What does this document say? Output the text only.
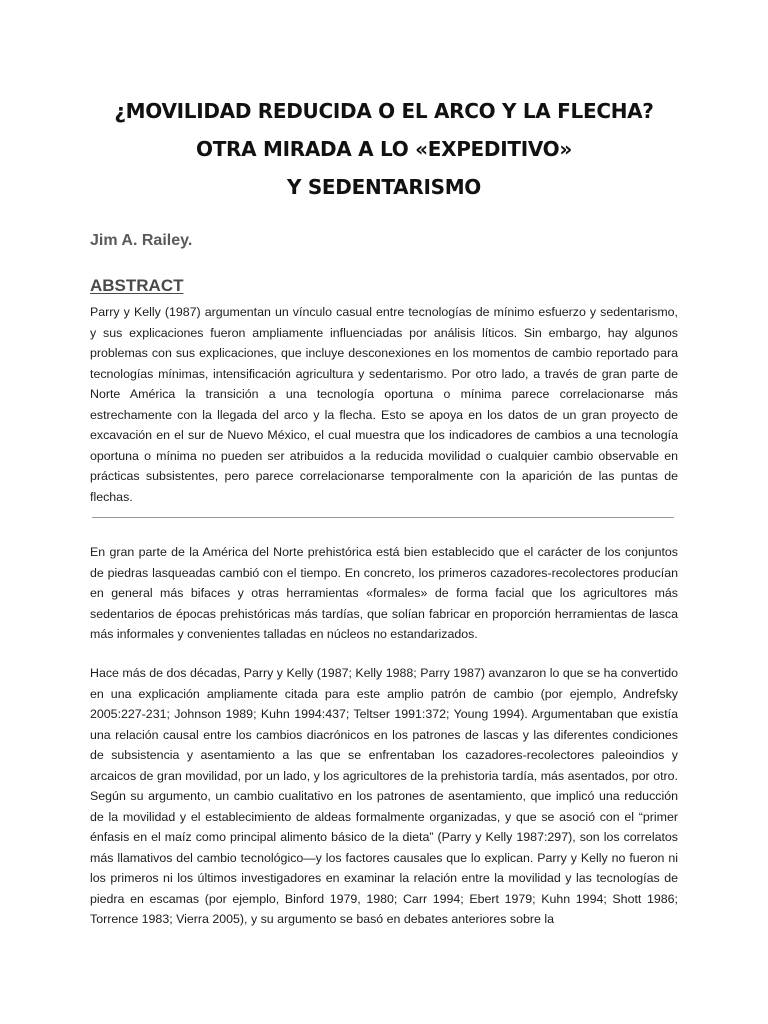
¿MOVILIDAD REDUCIDA O EL ARCO Y LA FLECHA?
OTRA MIRADA A LO «EXPEDITIVO»
Y SEDENTARISMO
Jim A. Railey.
ABSTRACT

Parry y Kelly (1987) argumentan un vínculo casual entre tecnologías de mínimo esfuerzo y sedentarismo, y sus explicaciones fueron ampliamente influenciadas por análisis líticos. Sin embargo, hay algunos problemas con sus explicaciones, que incluye desconexiones en los momentos de cambio reportado para tecnologías mínimas, intensificación agricultura y sedentarismo. Por otro lado, a través de gran parte de Norte América la transición a una tecnología oportuna o mínima parece correlacionarse más estrechamente con la llegada del arco y la flecha. Esto se apoya en los datos de un gran proyecto de excavación en el sur de Nuevo México, el cual muestra que los indicadores de cambios a una tecnología oportuna o mínima no pueden ser atribuidos a la reducida movilidad o cualquier cambio observable en prácticas subsistentes, pero parece correlacionarse temporalmente con la aparición de las puntas de flechas.

En gran parte de la América del Norte prehistórica está bien establecido que el carácter de los conjuntos de piedras lasqueadas cambió con el tiempo. En concreto, los primeros cazadores-recolectores producían en general más bifaces y otras herramientas «formales» de forma facial que los agricultores más sedentarios de épocas prehistóricas más tardías, que solían fabricar en proporción herramientas de lasca más informales y convenientes talladas en núcleos no estandarizados.

Hace más de dos décadas, Parry y Kelly (1987; Kelly 1988; Parry 1987) avanzaron lo que se ha convertido en una explicación ampliamente citada para este amplio patrón de cambio (por ejemplo, Andrefsky 2005:227-231; Johnson 1989; Kuhn 1994:437; Teltser 1991:372; Young 1994). Argumentaban que existía una relación causal entre los cambios diacrónicos en los patrones de lascas y las diferentes condiciones de subsistencia y asentamiento a las que se enfrentaban los cazadores-recolectores paleoindios y arcaicos de gran movilidad, por un lado, y los agricultores de la prehistoria tardía, más asentados, por otro. Según su argumento, un cambio cualitativo en los patrones de asentamiento, que implicó una reducción de la movilidad y el establecimiento de aldeas formalmente organizadas, y que se asoció con el “primer énfasis en el maíz como principal alimento básico de la dieta” (Parry y Kelly 1987:297), son los correlatos más llamativos del cambio tecnológico—y los factores causales que lo explican. Parry y Kelly no fueron ni los primeros ni los últimos investigadores en examinar la relación entre la movilidad y las tecnologías de piedra en escamas (por ejemplo, Binford 1979, 1980; Carr 1994; Ebert 1979; Kuhn 1994; Shott 1986; Torrence 1983; Vierra 2005), y su argumento se basó en debates anteriores sobre la
